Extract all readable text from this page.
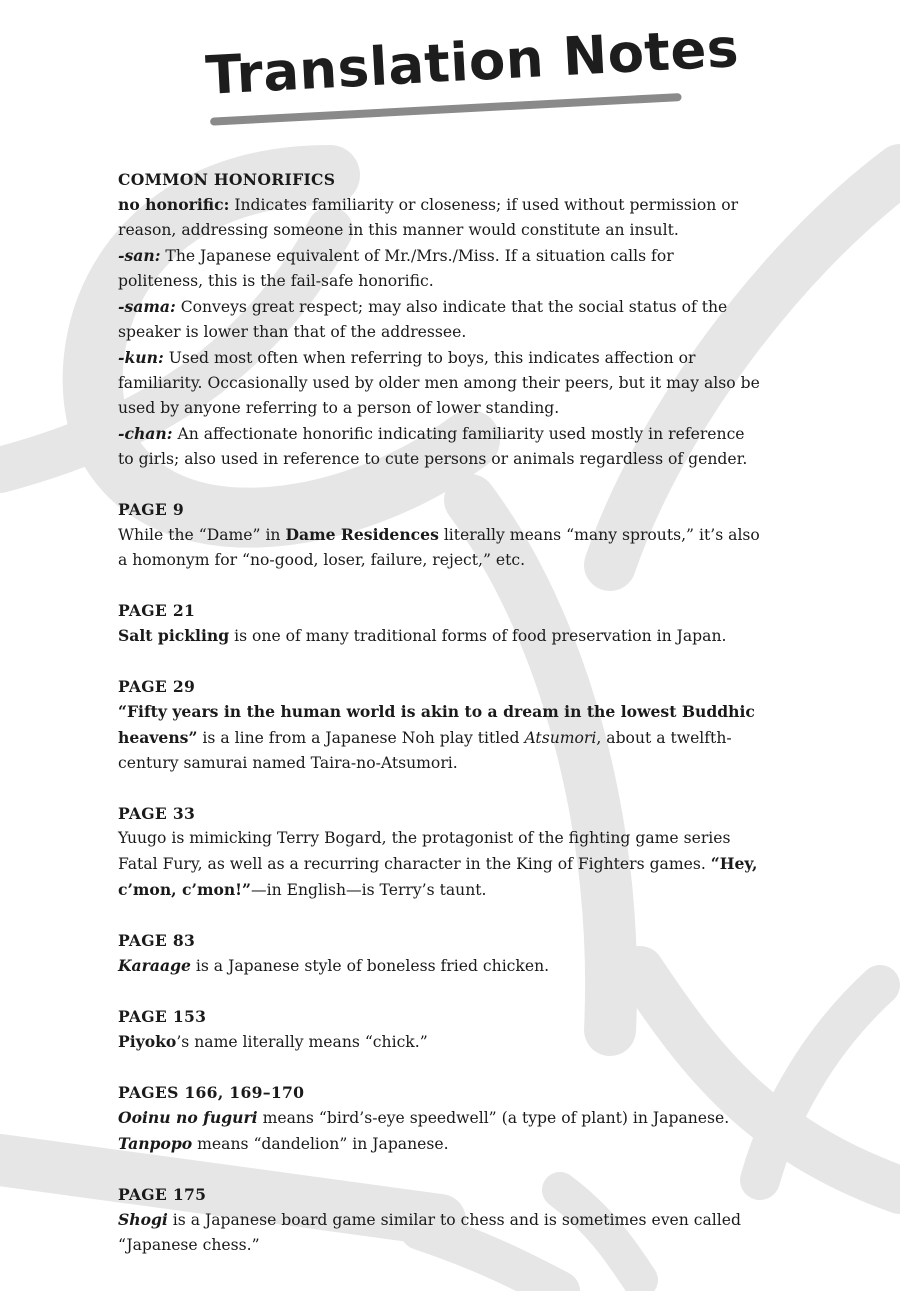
Translation Notes
COMMON HONORIFICS
no honorific: Indicates familiarity or closeness; if used without permission or
reason, addressing someone in this manner would constitute an insult.
-san: The Japanese equivalent of Mr./Mrs./Miss. If a situation calls for
politeness, this is the fail-safe honorific.
-sama: Conveys great respect; may also indicate that the social status of the
speaker is lower than that of the addressee.
-kun: Used most often when referring to boys, this indicates affection or
familiarity. Occasionally used by older men among their peers, but it may also be
used by anyone referring to a person of lower standing.
-chan: An affectionate honorific indicating familiarity used mostly in reference
to girls; also used in reference to cute persons or animals regardless of gender.
PAGE 9
While the “Dame” in Dame Residences literally means “many sprouts,” it’s also
a homonym for “no-good, loser, failure, reject,” etc.
PAGE 21
Salt pickling is one of many traditional forms of food preservation in Japan.
PAGE 29
“Fifty years in the human world is akin to a dream in the lowest Buddhic
heavens” is a line from a Japanese Noh play titled Atsumori, about a twelfth-
century samurai named Taira-no-Atsumori.
PAGE 33
Yuugo is mimicking Terry Bogard, the protagonist of the fighting game series
Fatal Fury, as well as a recurring character in the King of Fighters games. “Hey,
c’mon, c’mon!”—in English—is Terry’s taunt.
PAGE 83
Karaage is a Japanese style of boneless fried chicken.
PAGE 153
Piyoko’s name literally means “chick.”
PAGES 166, 169–170
Ooinu no fuguri means “bird’s-eye speedwell” (a type of plant) in Japanese.
Tanpopo means “dandelion” in Japanese.
PAGE 175
Shogi is a Japanese board game similar to chess and is sometimes even called
“Japanese chess.”
